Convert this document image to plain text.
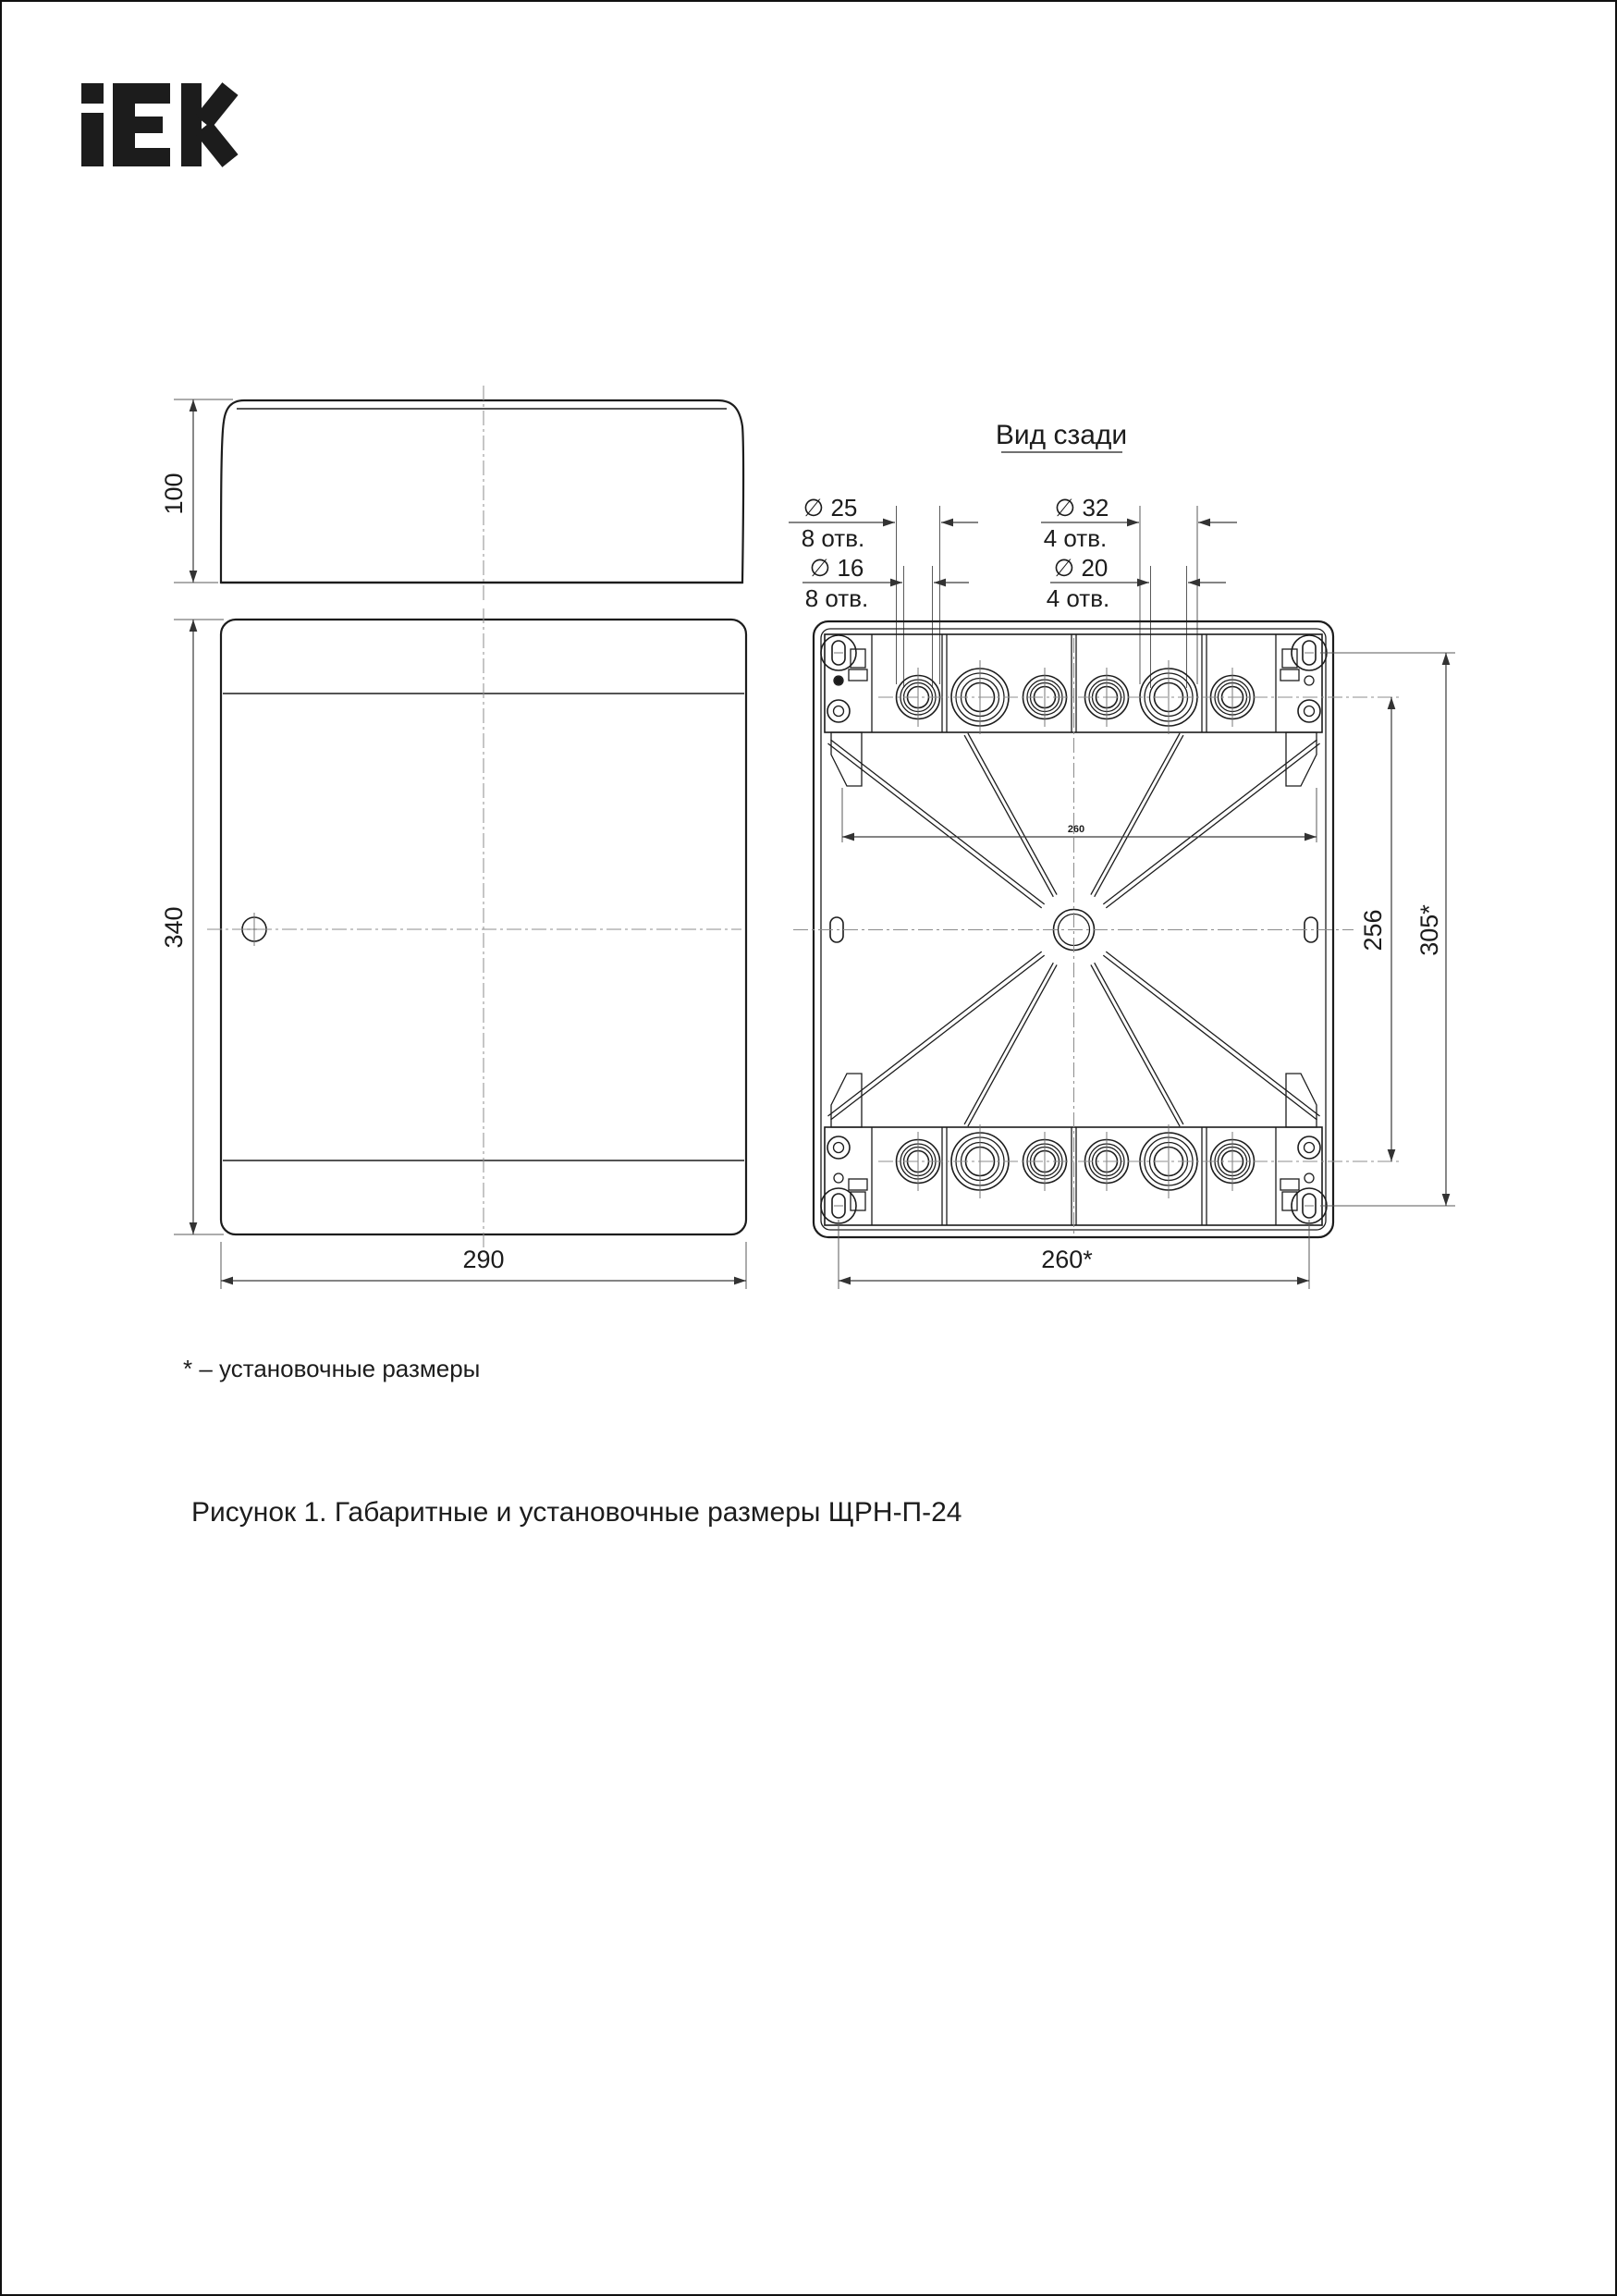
100
340
290
Вид сзади
∅ 25
8 отв.
∅ 16
8 отв.
∅ 32
4 отв.
∅ 20
4 отв.
260
256 305*
260*
* – установочные размеры
Рисунок 1. Габаритные и установочные размеры ЩРН-П-24
